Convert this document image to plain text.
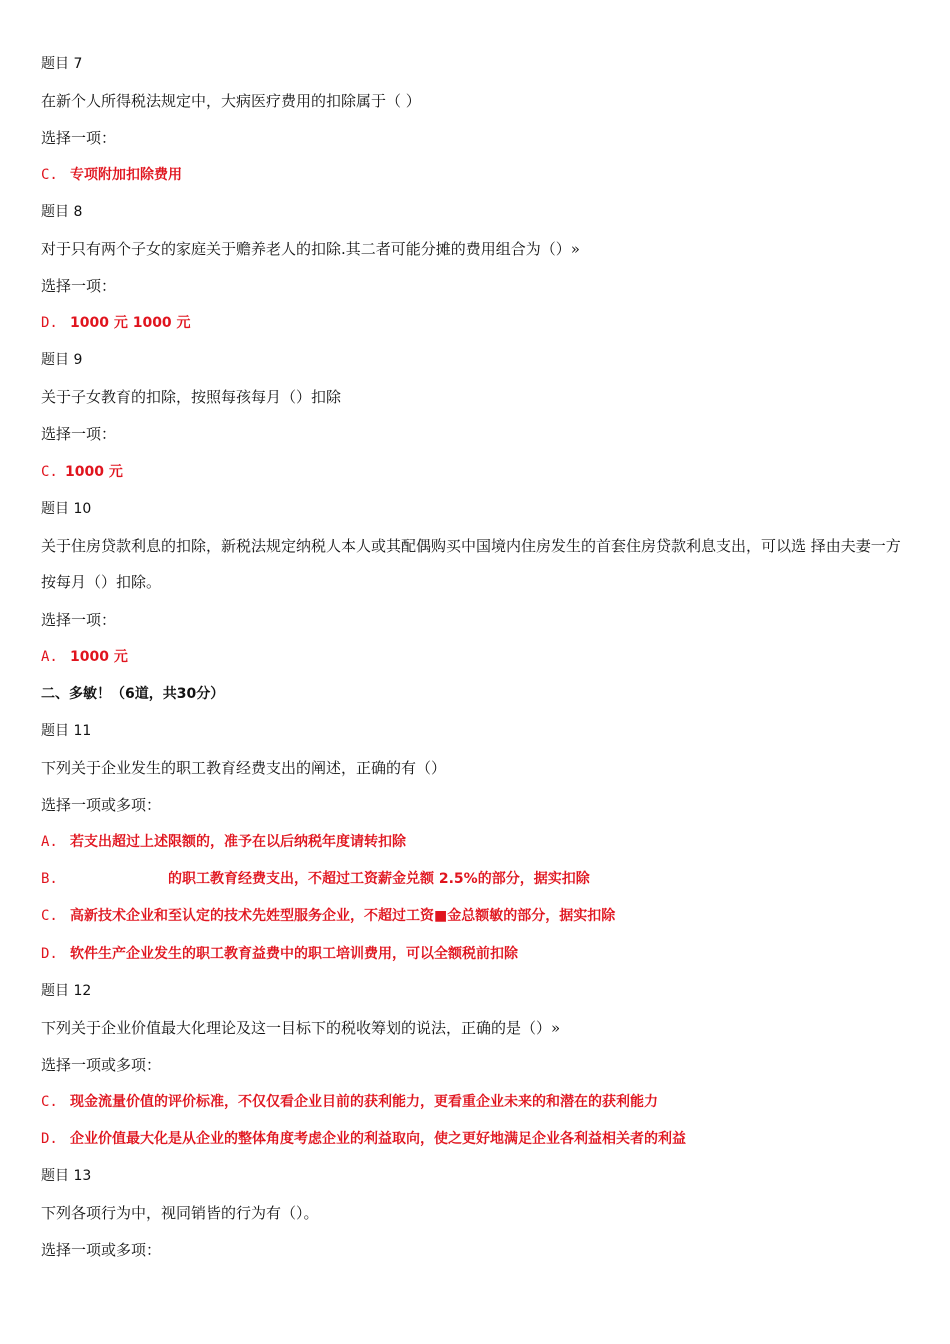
题目 7
在新个人所得税法规定中，大病医疗费用的扣除属于（ ）
选择一项：
C. 专项附加扣除费用
题目 8
对于只有两个子女的家庭关于赡养老人的扣除.其二者可能分摊的费用组合为（）»
选择一项：
D. 1000 元 1000 元
题目 9
关于子女教育的扣除，按照每孩每月（）扣除
选择一项：
C. 1000 元
题目 10
关于住房贷款利息的扣除，新税法规定纳税人本人或其配偶购买中国境内住房发生的首套住房贷款利息支出，可以选 择由夫妻一方按每月（）扣除。
选择一项：
A. 1000 元
二、多敏！（6道，共30分）
题目 11
下列关于企业发生的职工教育经费支出的阐述，正确的有（）
选择一项或多项：
A. 若支出超过上述限额的，准予在以后纳税年度请转扣除
B.	的职工教育经费支出，不超过工资薪金兑额 2.5%的部分，据实扣除
C. 高新技术企业和至认定的技术先姓型服务企业，不超过工资■金总额敏的部分，据实扣除
D. 软件生产企业发生的职工教育益费中的职工培训费用，可以全额税前扣除
题目 12
下列关于企业价值最大化理论及这一目标下的税收筹划的说法，正确的是（）»
选择一项或多项：
C. 现金流量价值的评价标准，不仅仅看企业目前的获利能力，更看重企业未来的和潜在的获利能力
D. 企业价值最大化是从企业的整体角度考虑企业的利益取向，使之更好地满足企业各利益相关者的利益
题目 13
下列各项行为中，视同销皆的行为有（）。
选择一项或多项：
